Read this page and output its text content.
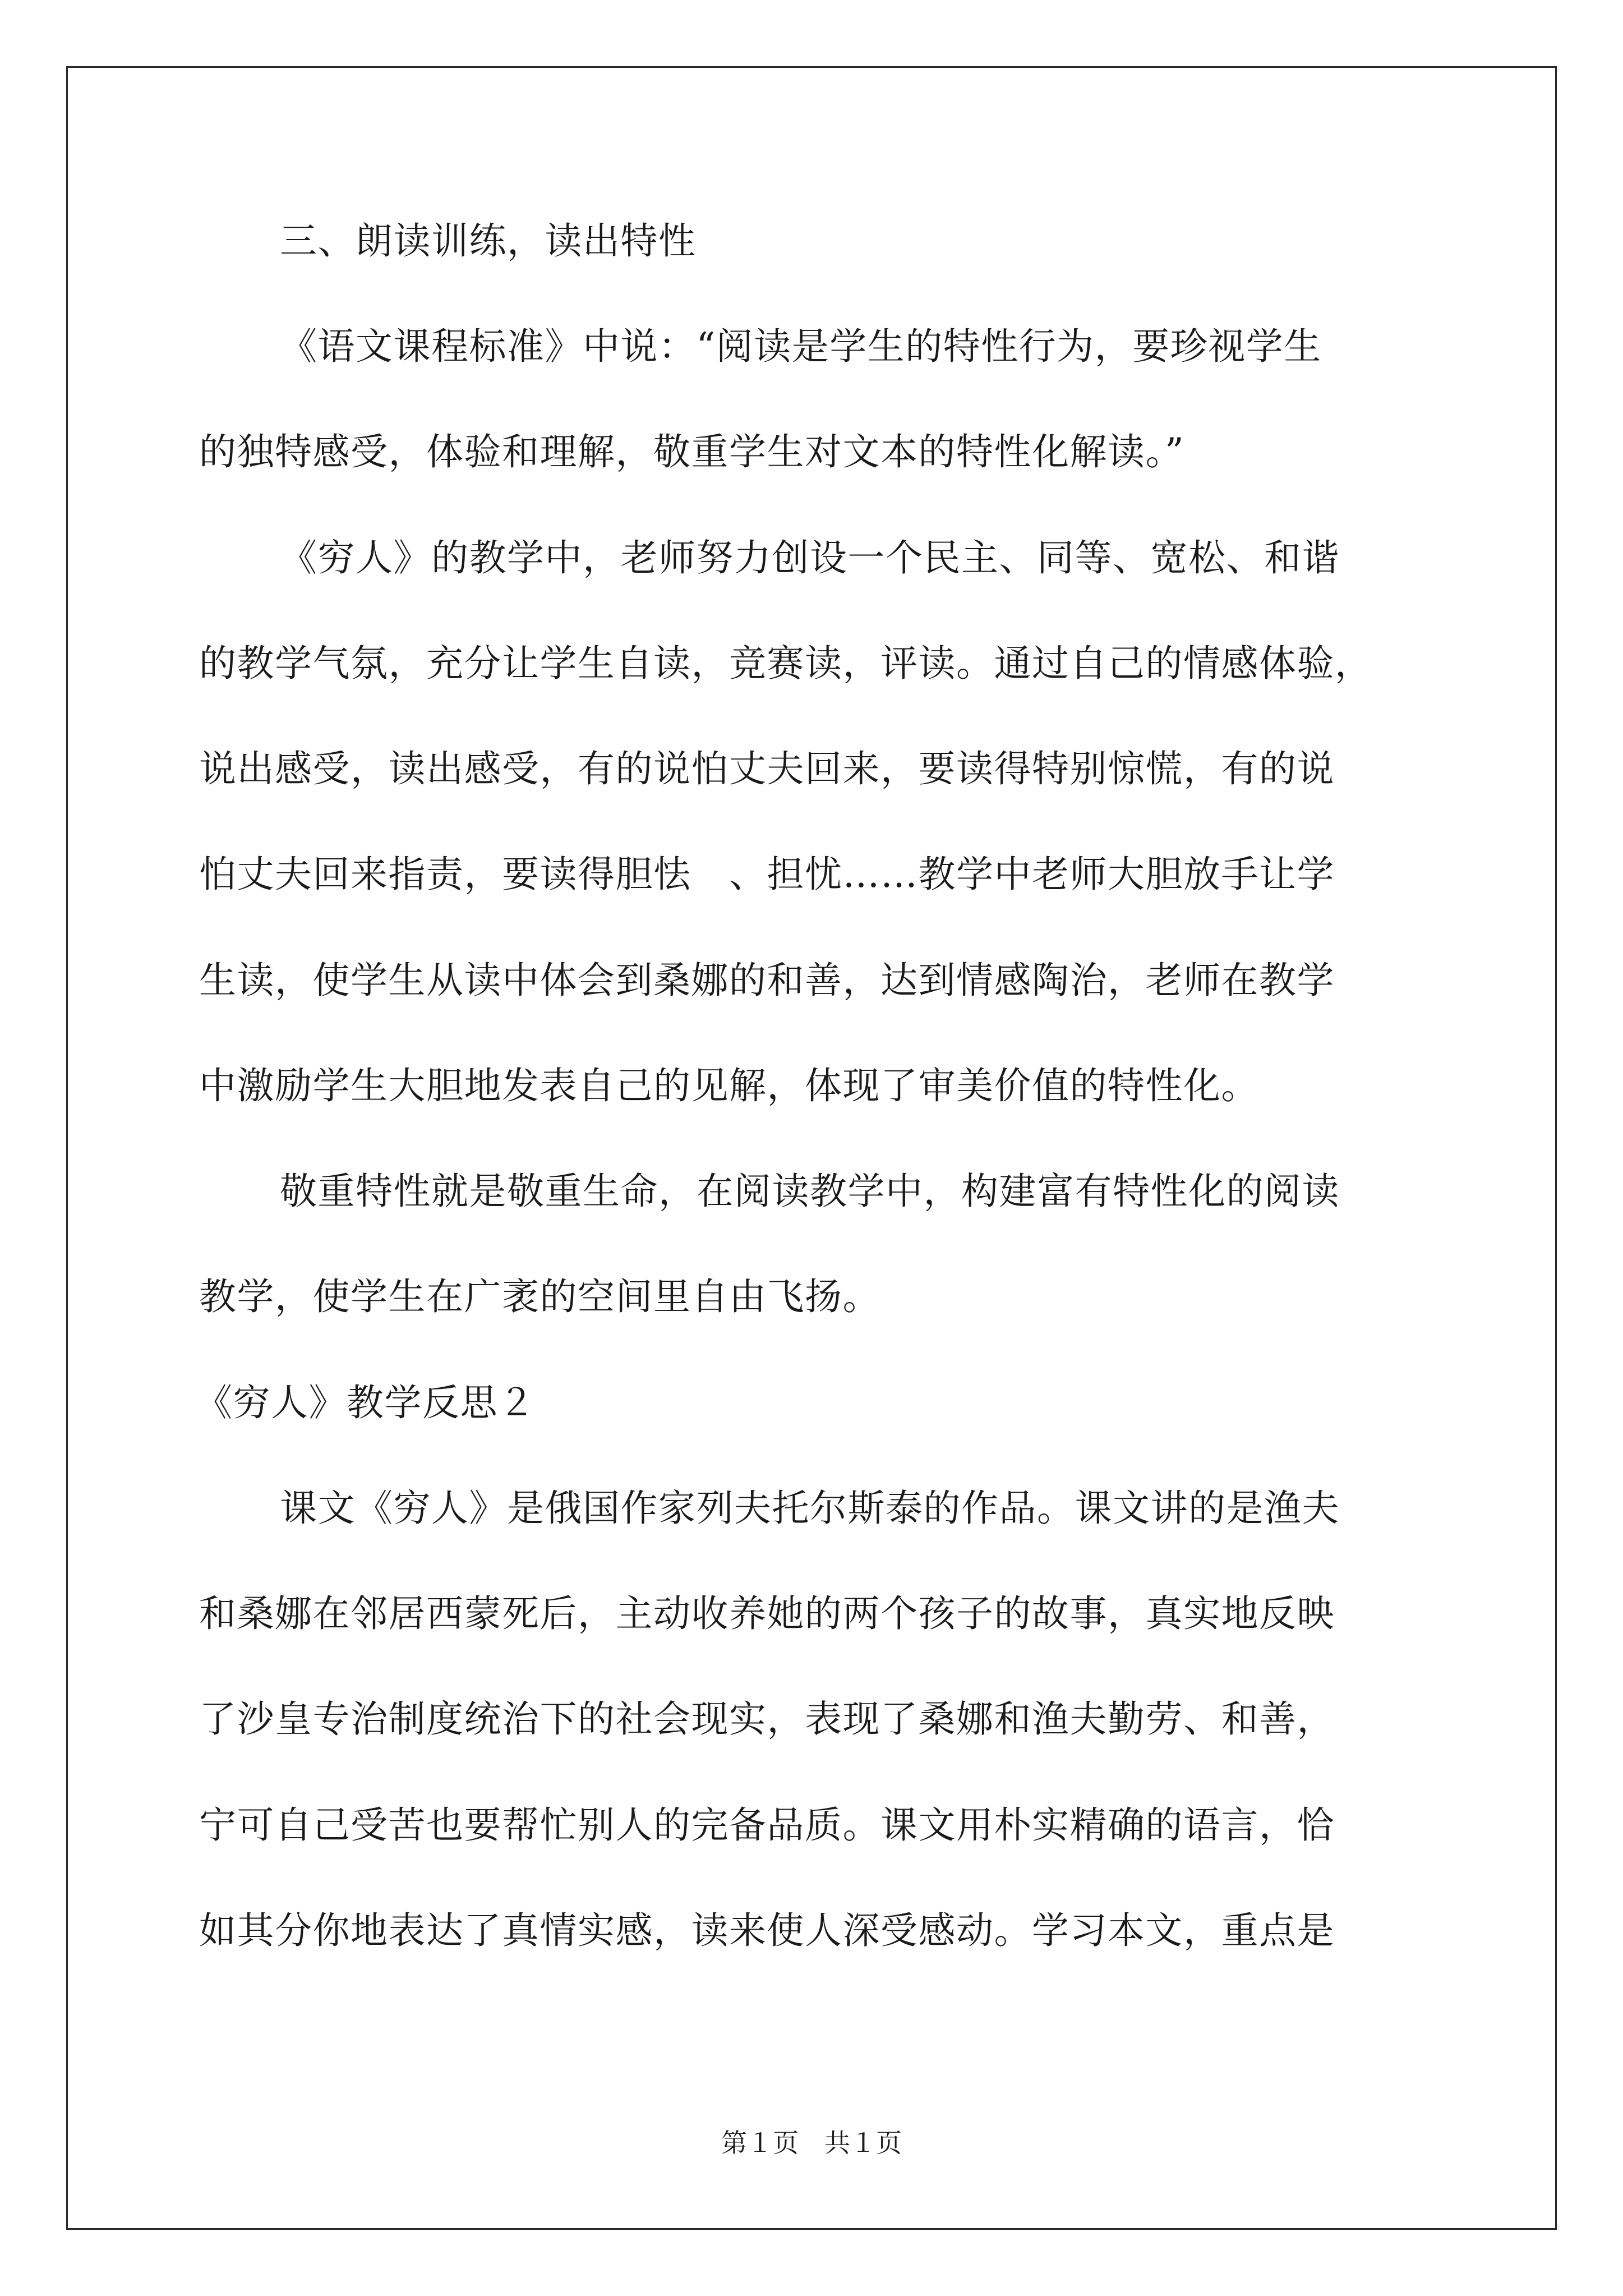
三、朗读训练，读出特性
《语文课程标准》中说：“阅读是学生的特性行为，要珍视学生
的独特感受，体验和理解，敬重学生对文本的特性化解读。”
《穷人》的教学中，老师努力创设一个民主、同等、宽松、和谐
的教学气氛，充分让学生自读，竞赛读，评读。通过自己的情感体验，
说出感受，读出感受，有的说怕丈夫回来，要读得特别惊慌，有的说
怕丈夫回来指责，要读得胆怯　、担忧……教学中老师大胆放手让学
生读，使学生从读中体会到桑娜的和善，达到情感陶治，老师在教学
中激励学生大胆地发表自己的见解，体现了审美价值的特性化。
敬重特性就是敬重生命，在阅读教学中，构建富有特性化的阅读
教学，使学生在广袤的空间里自由飞扬。
《穷人》教学反思２
课文《穷人》是俄国作家列夫托尔斯泰的作品。课文讲的是渔夫
和桑娜在邻居西蒙死后，主动收养她的两个孩子的故事，真实地反映
了沙皇专治制度统治下的社会现实，表现了桑娜和渔夫勤劳、和善，
宁可自己受苦也要帮忙别人的完备品质。课文用朴实精确的语言，恰
如其分你地表达了真情实感，读来使人深受感动。学习本文，重点是
第１页　共１页
